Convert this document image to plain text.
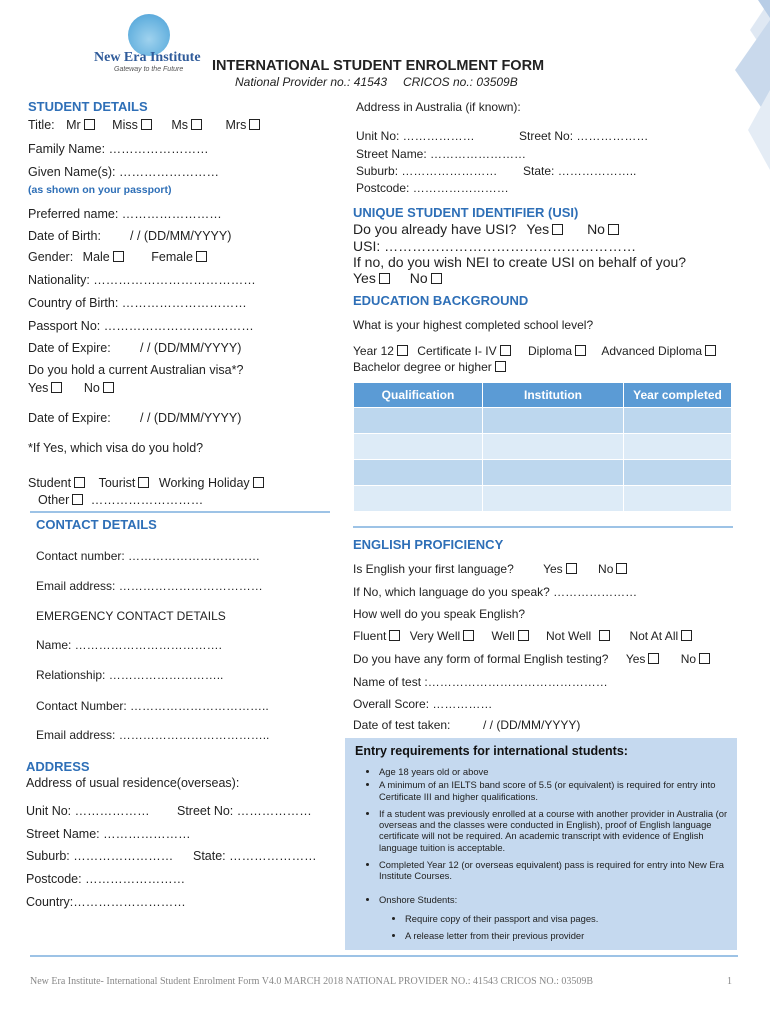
New Era Institute
Gateway to the Future INTERNATIONAL STUDENT ENROLMENT FORM
National Provider no.: 41543 CRICOS no.: 03509B
STUDENT DETAILS
Title: Mr	Miss	Ms	Mrs
Family Name: ……………………
Given Name(s): ……………………
(as shown on your passport)
Preferred name: ……………………
Date of Birth: / / (DD/MM/YYYY)
Gender: Male	Female
Nationality: …………………………………
Country of Birth: …………………………
Passport No: ………………………………
Date of Expire: / / (DD/MM/YYYY)
Do you hold a current Australian visa*?
Yes	No
Date of Expire: / / (DD/MM/YYYY)
*If Yes, which visa do you hold?
Student Tourist Working Holiday
Other ………………………
CONTACT DETAILS
Contact number: ……………………………
Email address: ………………………………
EMERGENCY CONTACT DETAILS
Name: ……………………………….
Relationship: ………………………..
Contact Number: ……………………………..
Email address: ………………………………..
ADDRESS
Address of usual residence(overseas):
Unit No: ……………… Street No: ………………
Street Name: …………………
Suburb: …………………… State: …………………
Postcode: ……………………
Country:………………………
Address in Australia (if known):
Unit No: ………………	Street No: ………………
Street Name: ……………………
Suburb: …………………… State: ………………..
Postcode: ……………………
UNIQUE STUDENT IDENTIFIER (USI)
Do you already have USI? Yes	No
USI: ………………………………………………
If no, do you wish NEI to create USI on behalf of you?
Yes No
EDUCATION BACKGROUND
What is your highest completed school level?
Year 12 Certificate I- IV	Diploma Advanced Diploma
Bachelor degree or higher
Qualification	Institution	Year completed

ENGLISH PROFICIENCY
Is English your first language? Yes	No
If No, which language do you speak? …………………
How well do you speak English?
Fluent Very Well	Well	Not Well	Not At All
Do you have any form of formal English testing? Yes	No
Name of test :………………………………………
Overall Score: ……………
Date of test taken:	/ / (DD/MM/YYYY)
Entry requirements for international students:
• Age 18 years old or above
• A minimum of an IELTS band score of 5.5 (or equivalent) is required for entry into Certificate III and higher qualifications.
• If a student was previously enrolled at a course with another provider in Australia (or overseas and the classes were conducted in English), proof of English language certificate will not be required. An academic transcript with evidence of English language tuition is acceptable.
• Completed Year 12 (or overseas equivalent) pass is required for entry into New Era Institute Courses.
• Onshore Students:
• Require copy of their passport and visa pages.
• A release letter from their previous provider
New Era Institute- International Student Enrolment Form V4.0 MARCH 2018 NATIONAL PROVIDER NO.: 41543 CRICOS NO.: 03509B	1
